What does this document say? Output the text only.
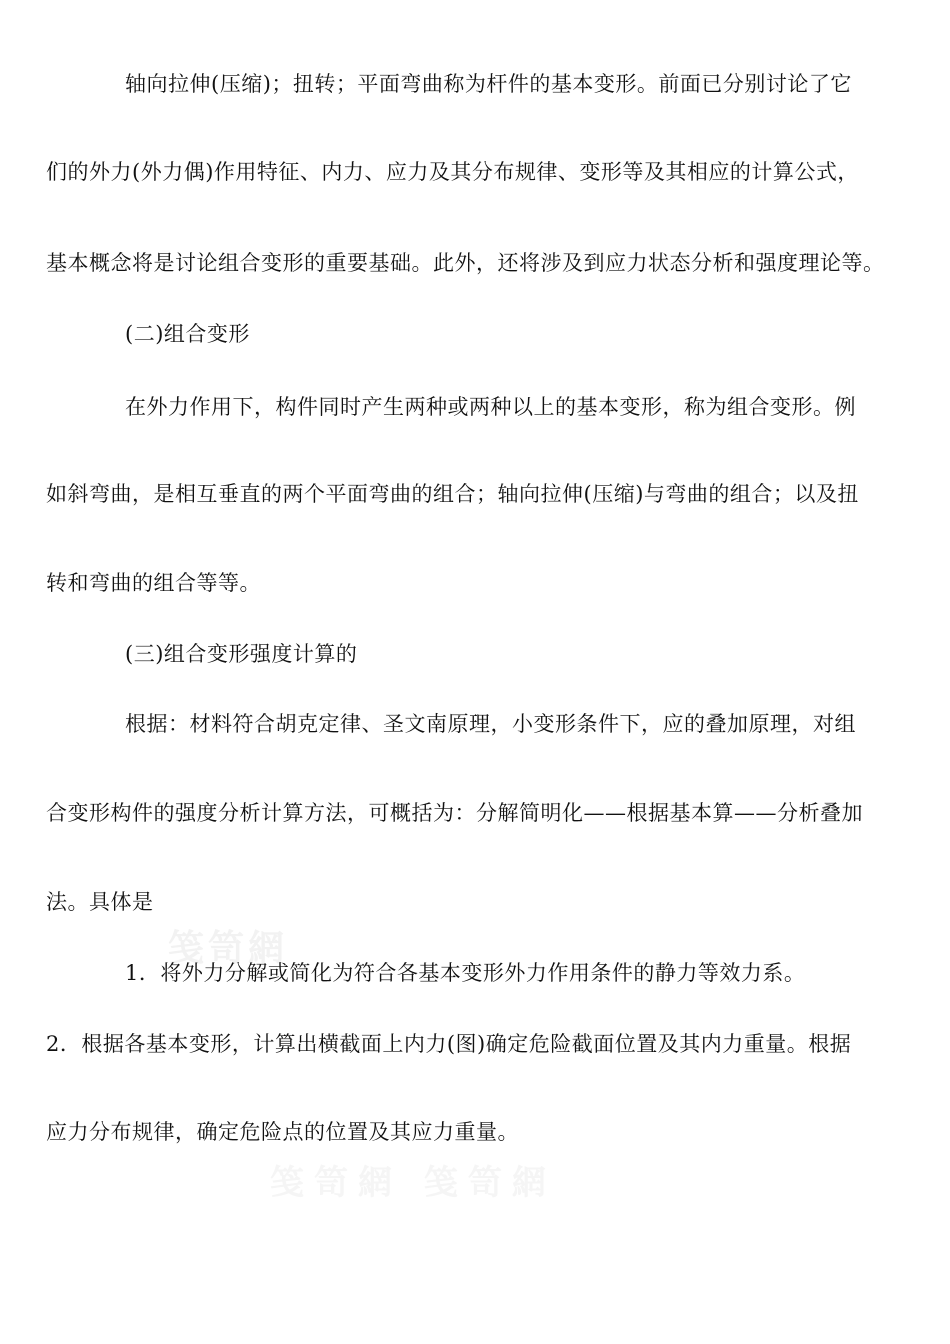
笺笥網
笺笥網 笺笥網

轴向拉伸(压缩)；扭转；平面弯曲称为杆件的基本变形。前面已分别讨论了它

们的外力(外力偶)作用特征、内力、应力及其分布规律、变形等及其相应的计算公式，

基本概念将是讨论组合变形的重要基础。此外，还将涉及到应力状态分析和强度理论等。

(二)组合变形

在外力作用下，构件同时产生两种或两种以上的基本变形，称为组合变形。例

如斜弯曲，是相互垂直的两个平面弯曲的组合；轴向拉伸(压缩)与弯曲的组合；以及扭

转和弯曲的组合等等。

(三)组合变形强度计算的

根据：材料符合胡克定律、圣文南原理，小变形条件下，应的叠加原理，对组

合变形构件的强度分析计算方法，可概括为：分解简明化——根据基本算——分析叠加

法。具体是

1．将外力分解或简化为符合各基本变形外力作用条件的静力等效力系。

2．根据各基本变形，计算出横截面上内力(图)确定危险截面位置及其内力重量。根据

应力分布规律，确定危险点的位置及其应力重量。
